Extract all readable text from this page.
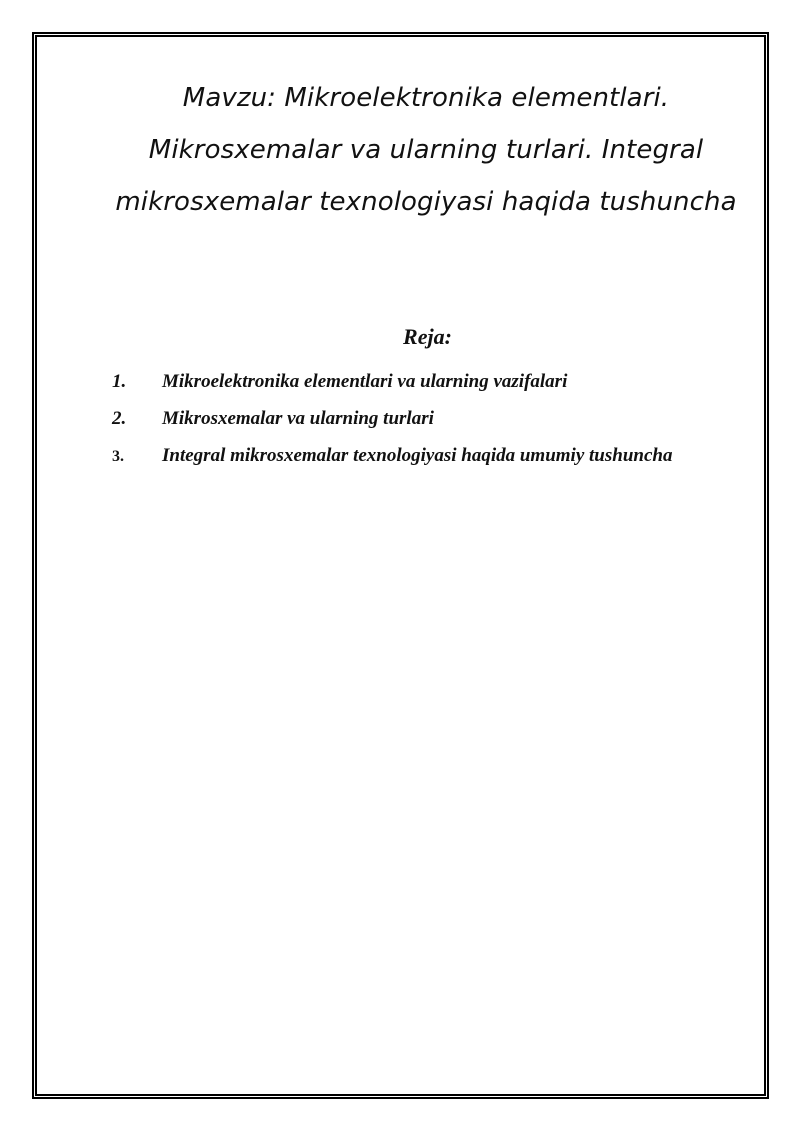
Mavzu: Mikroelektronika elementlari.
Mikrosxemalar va ularning turlari. Integral
mikrosxemalar texnologiyasi haqida tushuncha
Reja:
1. Mikroelektronika elementlari va ularning vazifalari
2. Mikrosxemalar va ularning turlari
3. Integral mikrosxemalar texnologiyasi haqida umumiy tushuncha
